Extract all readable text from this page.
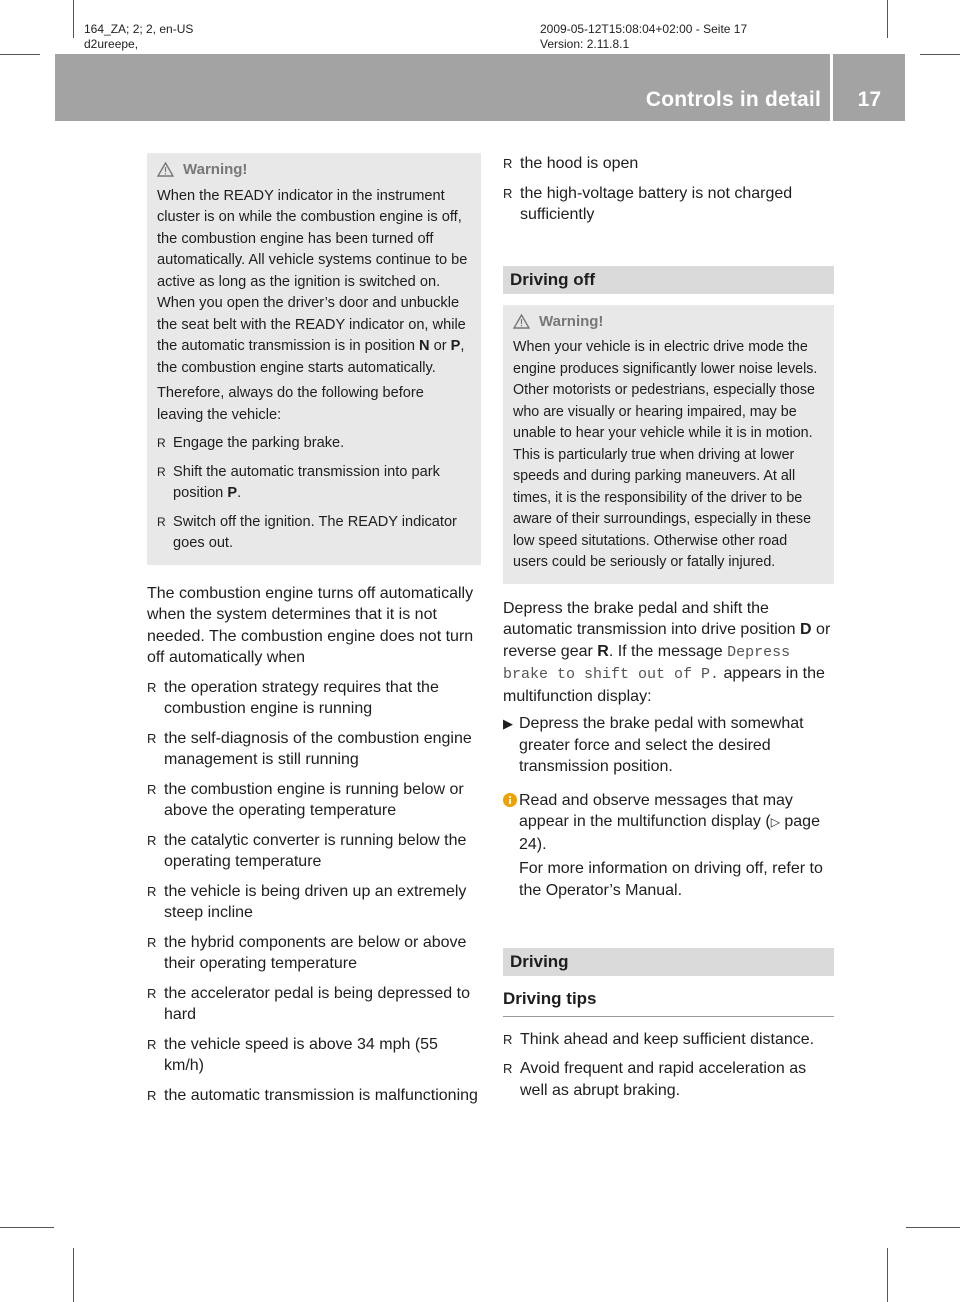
164_ZA; 2; 2, en-US
d2ureepe,
2009-05-12T15:08:04+02:00 - Seite 17
Version: 2.11.8.1
Controls in detail 17
Warning!

When the READY indicator in the instrument cluster is on while the combustion engine is off, the combustion engine has been turned off automatically. All vehicle systems continue to be active as long as the ignition is switched on. When you open the driver’s door and unbuckle the seat belt with the READY indicator on, while the automatic transmission is in position N or P, the combustion engine starts automatically.

Therefore, always do the following before leaving the vehicle:

R Engage the parking brake.
R Shift the automatic transmission into park position P.
R Switch off the ignition. The READY indicator goes out.

The combustion engine turns off automatically when the system determines that it is not needed. The combustion engine does not turn off automatically when

R the operation strategy requires that the combustion engine is running
R the self-diagnosis of the combustion engine management is still running
R the combustion engine is running below or above the operating temperature
R the catalytic converter is running below the operating temperature
R the vehicle is being driven up an extremely steep incline
R the hybrid components are below or above their operating temperature
R the accelerator pedal is being depressed to hard
R the vehicle speed is above 34 mph (55 km/h)
R the automatic transmission is malfunctioning
R the hood is open
R the high-voltage battery is not charged sufficiently
Driving off
Warning!

When your vehicle is in electric drive mode the engine produces significantly lower noise levels. Other motorists or pedestrians, especially those who are visually or hearing impaired, may be unable to hear your vehicle while it is in motion. This is particularly true when driving at lower speeds and during parking maneuvers. At all times, it is the responsibility of the driver to be aware of their surroundings, especially in these low speed situtations. Otherwise other road users could be seriously or fatally injured.

Depress the brake pedal and shift the automatic transmission into drive position D or reverse gear R. If the message Depress brake to shift out of P. appears in the multifunction display:

▶ Depress the brake pedal with somewhat greater force and select the desired transmission position.

Read and observe messages that may appear in the multifunction display (▷ page 24).

For more information on driving off, refer to the Operator’s Manual.

Driving
Driving tips
R Think ahead and keep sufficient distance.
R Avoid frequent and rapid acceleration as well as abrupt braking.
